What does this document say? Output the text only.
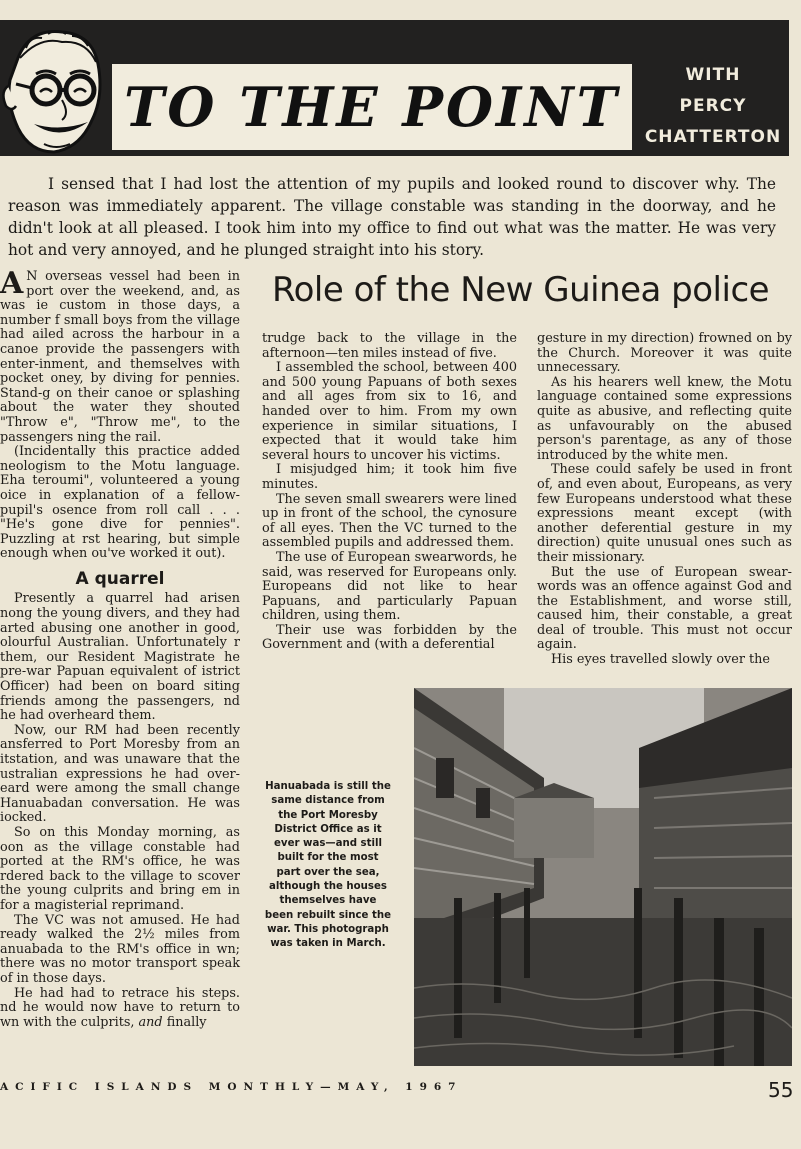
TO THE POINT	WITH
PERCY
CHATTERTON

I sensed that I had lost the attention of my pupils and looked round to discover why. The reason was immediately apparent. The village constable was standing in the doorway, and he didn't look at all pleased. I took him into my office to find out what was the matter. He was very hot and very annoyed, and he plunged straight into his story.

Role of the New Guinea police

A N overseas vessel had been in port over the weekend, and, as was ie custom in those days, a number f small boys from the village had ailed across the harbour in a canoe provide the passengers with enter-inment, and themselves with pocket oney, by diving for pennies. Stand-g on their canoe or splashing about the water they shouted "Throw e", "Throw me", to the passengers ning the rail.

(Incidentally this practice added neologism to the Motu language. Eha teroumi", volunteered a young oice in explanation of a fellow-pupil's osence from roll call . . . "He's gone dive for pennies". Puzzling at rst hearing, but simple enough when ou've worked it out).

A quarrel

Presently a quarrel had arisen nong the young divers, and they had arted abusing one another in good, olourful Australian. Unfortunately r them, our Resident Magistrate he pre-war Papuan equivalent of istrict Officer) had been on board siting friends among the passengers, nd he had overheard them.

Now, our RM had been recently ansferred to Port Moresby from an itstation, and was unaware that the ustralian expressions he had over-eard were among the small change Hanuabadan conversation. He was iocked.

So on this Monday morning, as oon as the village constable had ported at the RM's office, he was rdered back to the village to scover the young culprits and bring em in for a magisterial reprimand.

The VC was not amused. He had ready walked the 2½ miles from anuabada to the RM's office in wn; there was no motor transport speak of in those days.

He had had to retrace his steps. nd he would now have to return to wn with the culprits, and finally

trudge back to the village in the afternoon—ten miles instead of five.

I assembled the school, between 400 and 500 young Papuans of both sexes and all ages from six to 16, and handed over to him. From my own experience in similar situations, I expected that it would take him several hours to uncover his victims.

I misjudged him; it took him five minutes.

The seven small swearers were lined up in front of the school, the cynosure of all eyes. Then the VC turned to the assembled pupils and addressed them.

The use of European swearwords, he said, was reserved for Europeans only. Europeans did not like to hear Papuans, and particularly Papuan children, using them.

Their use was forbidden by the Government and (with a deferential

gesture in my direction) frowned on by the Church. Moreover it was quite unnecessary.

As his hearers well knew, the Motu language contained some expressions quite as abusive, and reflecting quite as unfavourably on the abused person's parentage, as any of those introduced by the white men.

These could safely be used in front of, and even about, Europeans, as very few Europeans understood what these expressions meant except (with another deferential gesture in my direction) quite unusual ones such as their missionary.

But the use of European swear-words was an offence against God and the Establishment, and worse still, caused him, their constable, a great deal of trouble. This must not occur again.

His eyes travelled slowly over the

Hanuabada is still the same distance from the Port Moresby District Office as it ever was—and still built for the most part over the sea, although the houses themselves have been rebuilt since the war. This photograph was taken in March.
ACIFIC ISLANDS MONTHLY—MAY, 1967	55
